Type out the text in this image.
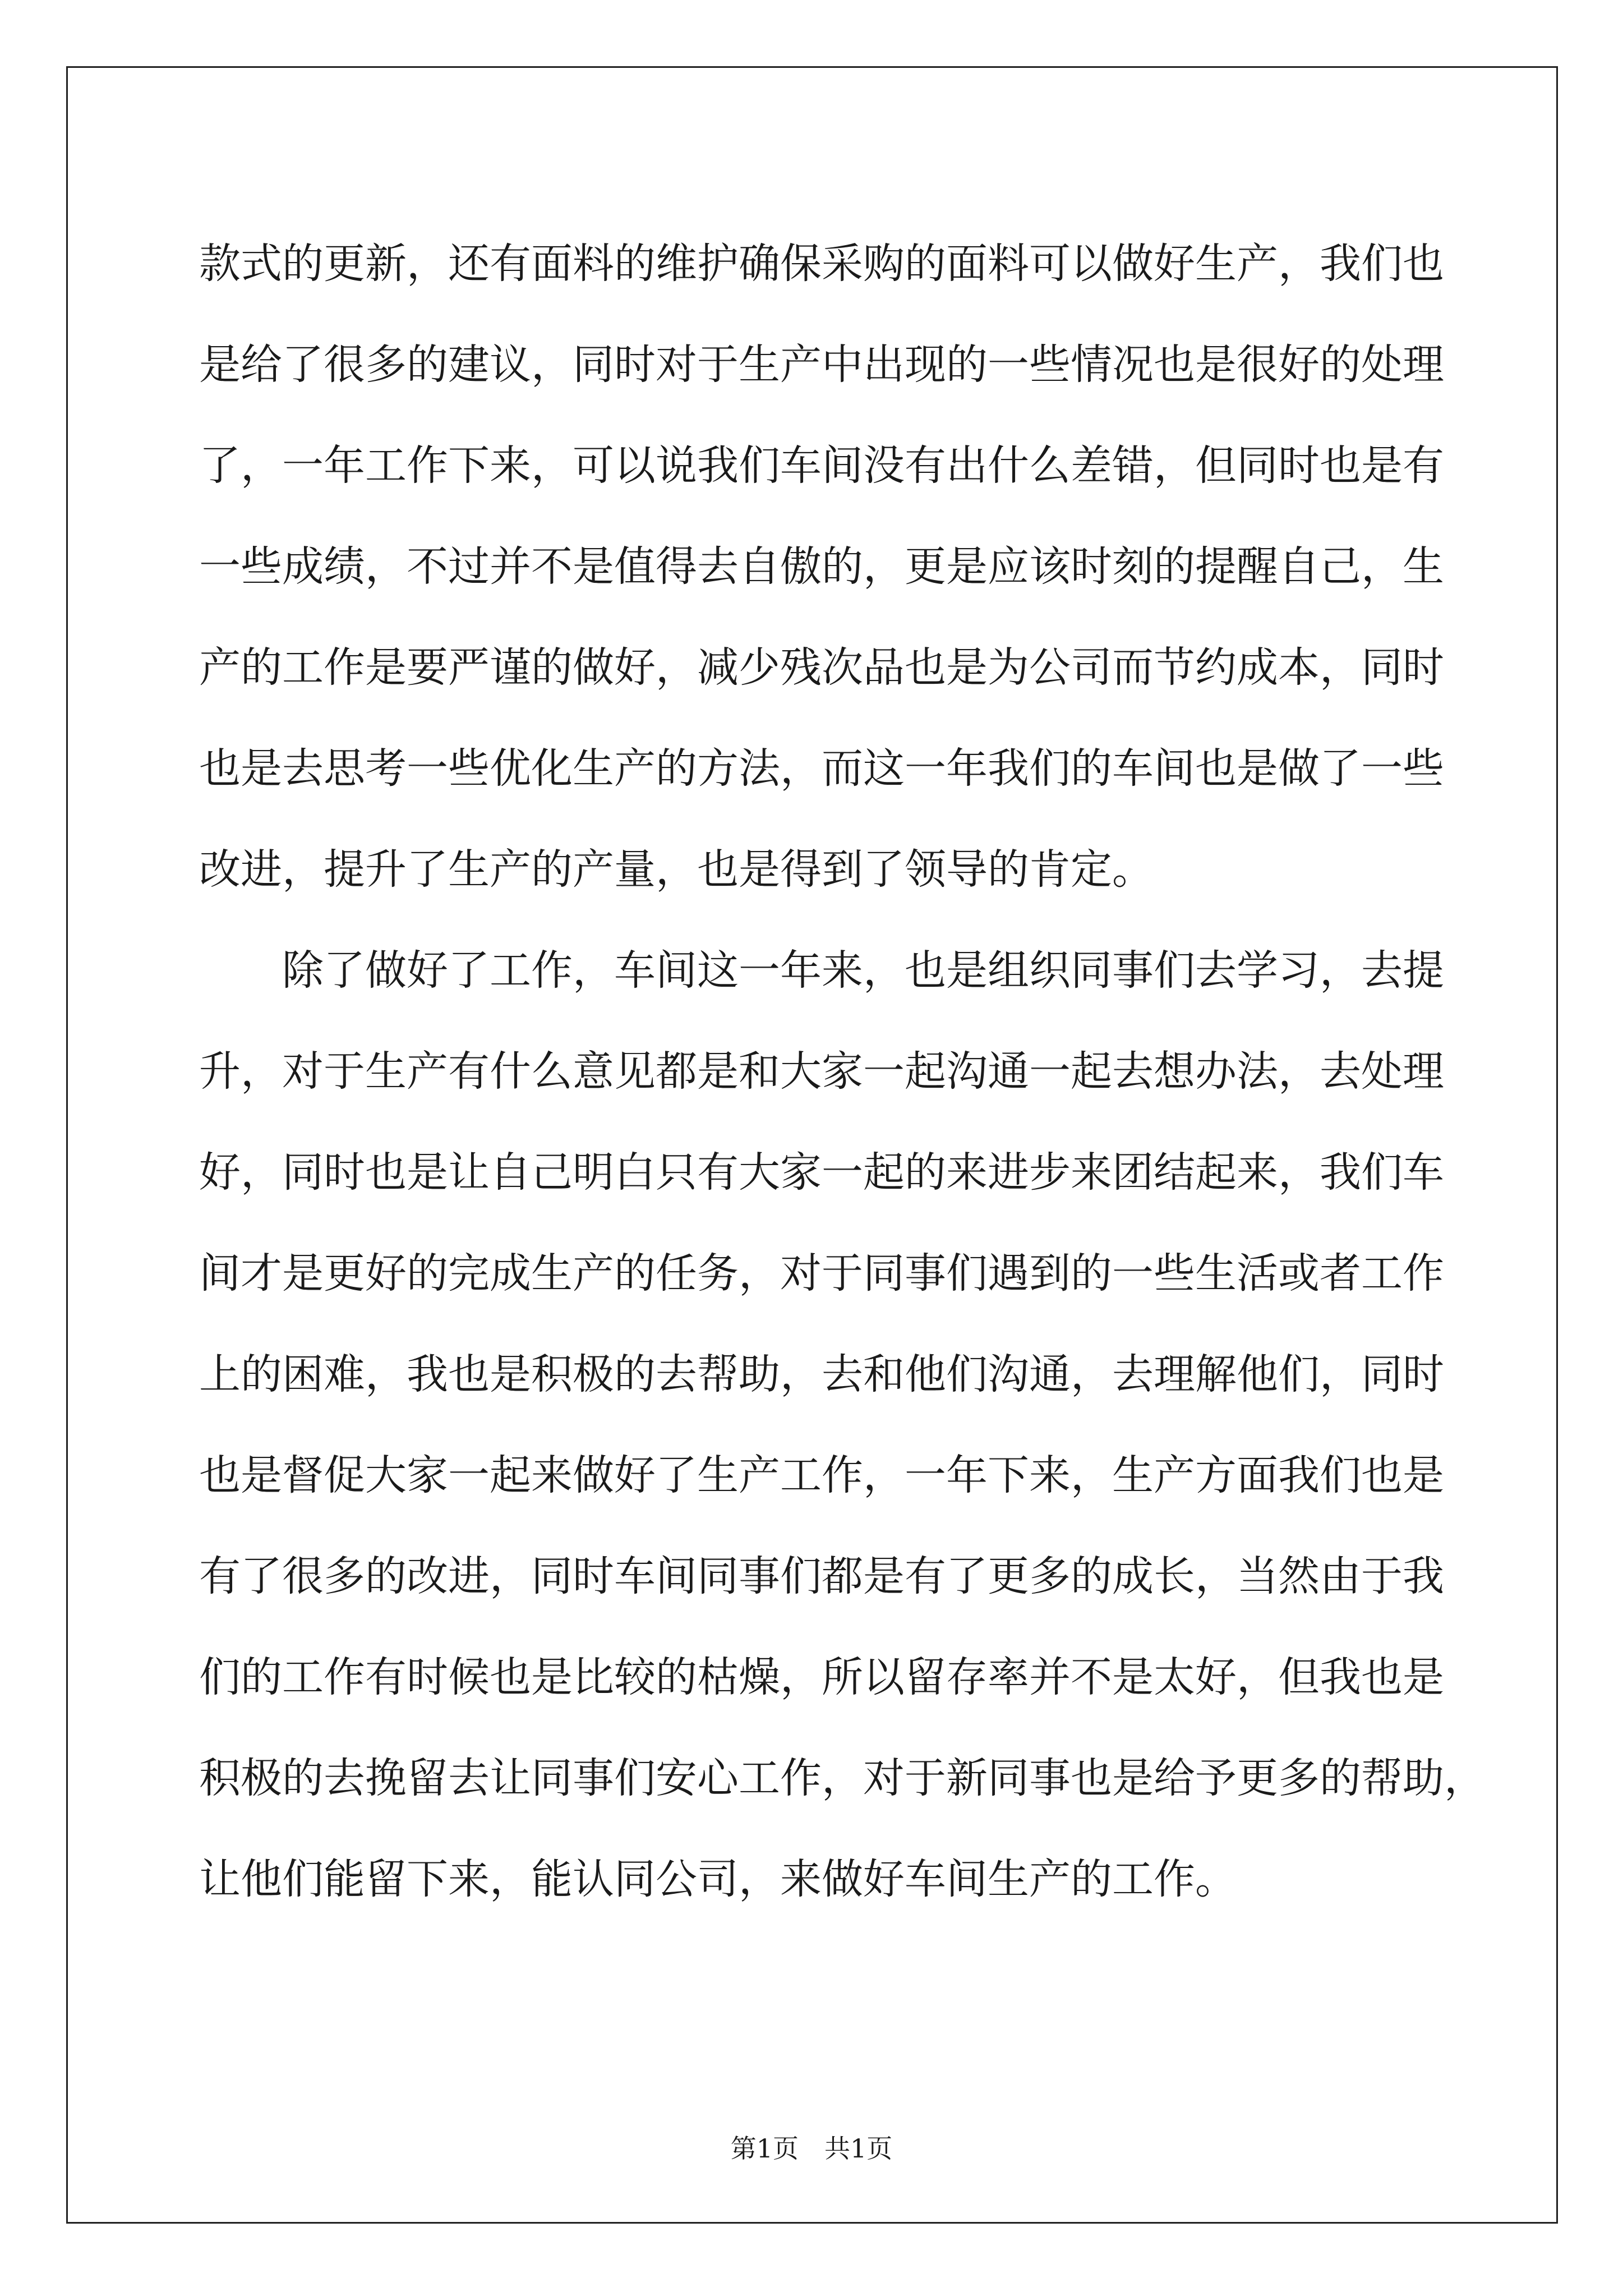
款式的更新，还有面料的维护确保采购的面料可以做好生产，我们也
是给了很多的建议，同时对于生产中出现的一些情况也是很好的处理
了，一年工作下来，可以说我们车间没有出什么差错，但同时也是有
一些成绩，不过并不是值得去自傲的，更是应该时刻的提醒自己，生
产的工作是要严谨的做好，减少残次品也是为公司而节约成本，同时
也是去思考一些优化生产的方法，而这一年我们的车间也是做了一些
改进，提升了生产的产量，也是得到了领导的肯定。
除了做好了工作，车间这一年来，也是组织同事们去学习，去提
升，对于生产有什么意见都是和大家一起沟通一起去想办法，去处理
好，同时也是让自己明白只有大家一起的来进步来团结起来，我们车
间才是更好的完成生产的任务，对于同事们遇到的一些生活或者工作
上的困难，我也是积极的去帮助，去和他们沟通，去理解他们，同时
也是督促大家一起来做好了生产工作，一年下来，生产方面我们也是
有了很多的改进，同时车间同事们都是有了更多的成长，当然由于我
们的工作有时候也是比较的枯燥，所以留存率并不是太好，但我也是
积极的去挽留去让同事们安心工作，对于新同事也是给予更多的帮助，
让他们能留下来，能认同公司，来做好车间生产的工作。
第1页　共1页
